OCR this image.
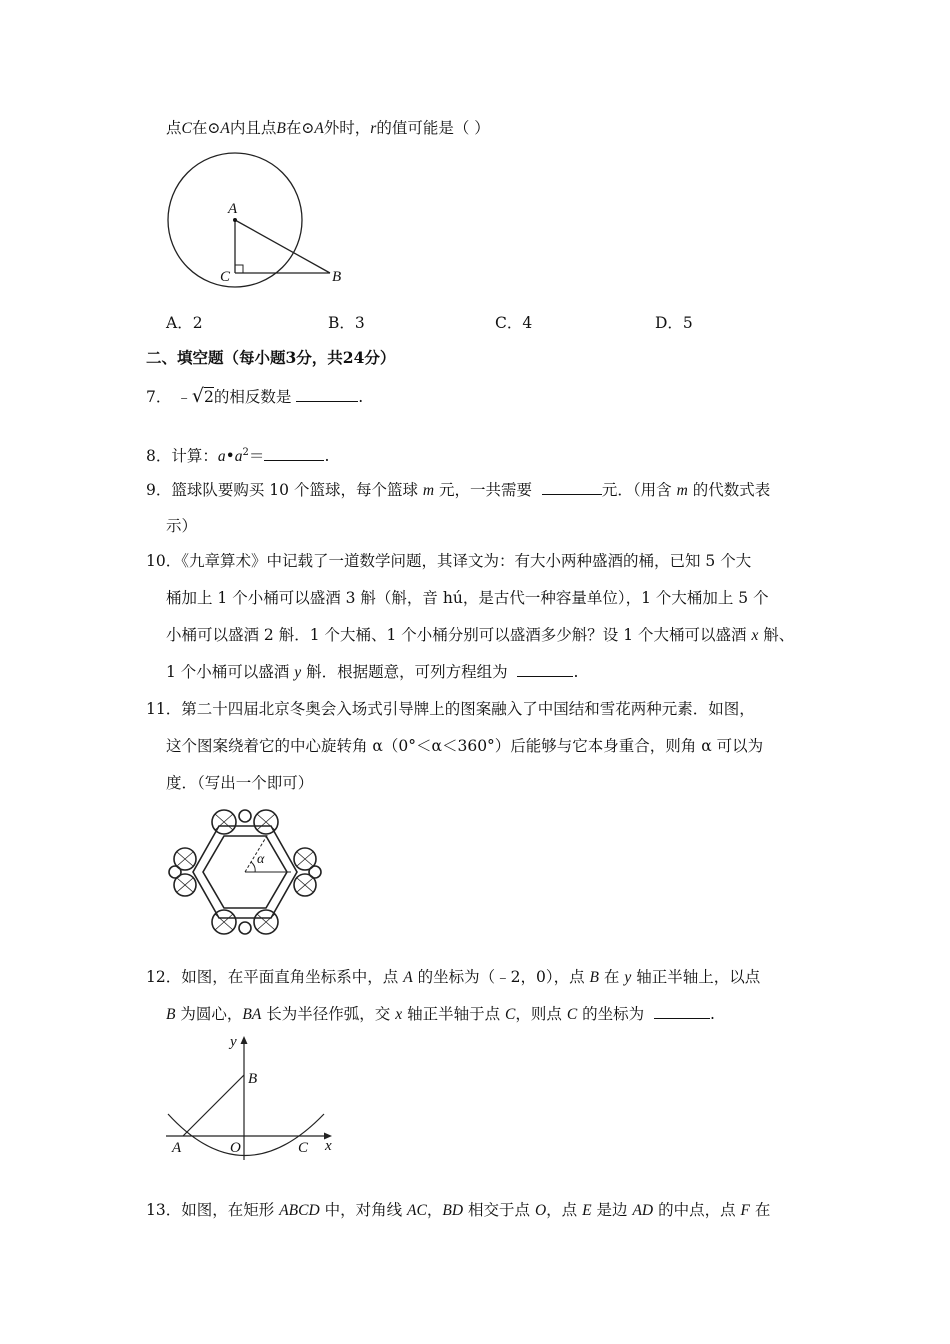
点C在⊙A内且点B在⊙A外时，r的值可能是（ ）
A
C	B
A．2	B．3	C．4	D．5
二、填空题（每小题3分，共24分）
7． ﹣√2的相反数是	.
8．计算：$a•a^2=$	.
9．篮球队要购买 10 个篮球，每个篮球 m 元，一共需要	元．（用含 m 的代数式表
示）
10．《九章算术》中记载了一道数学问题，其译文为：有大小两种盛酒的桶，已知 5 个大
桶加上 1 个小桶可以盛酒 3 斛（斛，音 hú，是古代一种容量单位），1 个大桶加上 5 个
小桶可以盛酒 2 斛．1 个大桶、1 个小桶分别可以盛酒多少斛？设 1 个大桶可以盛酒 x 斛、
1 个小桶可以盛酒 y 斛．根据题意，可列方程组为	.
11．第二十四届北京冬奥会入场式引导牌上的图案融入了中国结和雪花两种元素．如图，
这个图案绕着它的中心旋转角 α（0°＜α＜360°）后能够与它本身重合，则角 α 可以为
度．（写出一个即可）
α
12．如图，在平面直角坐标系中，点 A 的坐标为（﹣2，0），点 B 在 y 轴正半轴上，以点
B 为圆心，BA 长为半径作弧，交 x 轴正半轴于点 C，则点 C 的坐标为	.
y
x
B
A	O	C
13．如图，在矩形 ABCD 中，对角线 AC，BD 相交于点 O，点 E 是边 AD 的中点，点 F 在
